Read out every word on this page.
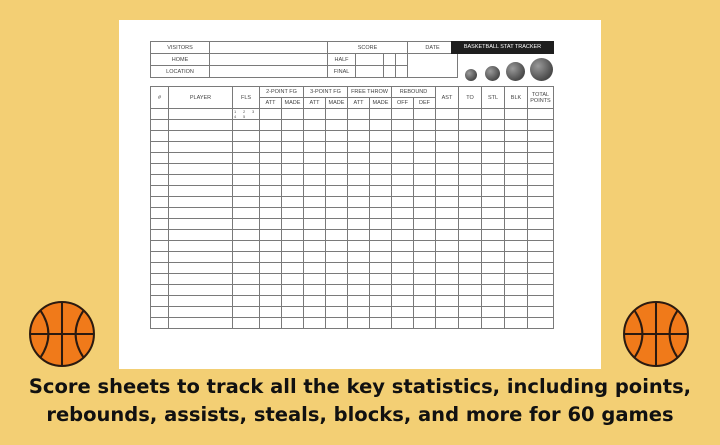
VISITORS		SCORE				DATE
HOME		HALF				
LOCATION		FINAL				
BASKETBALL STAT TRACKER
#	PLAYER	FLS	2-POINT FG		3-POINT FG		FREE THROW		REBOUND		AST	TO	STL	BLK	TOTAL
POINTS
			ATT	MADE	ATT	MADE	ATT	MADE	OFF	DEF					

		1 2 3
4 5													

Score sheets to track all the key statistics, including points,
rebounds, assists, steals, blocks, and more for 60 games
